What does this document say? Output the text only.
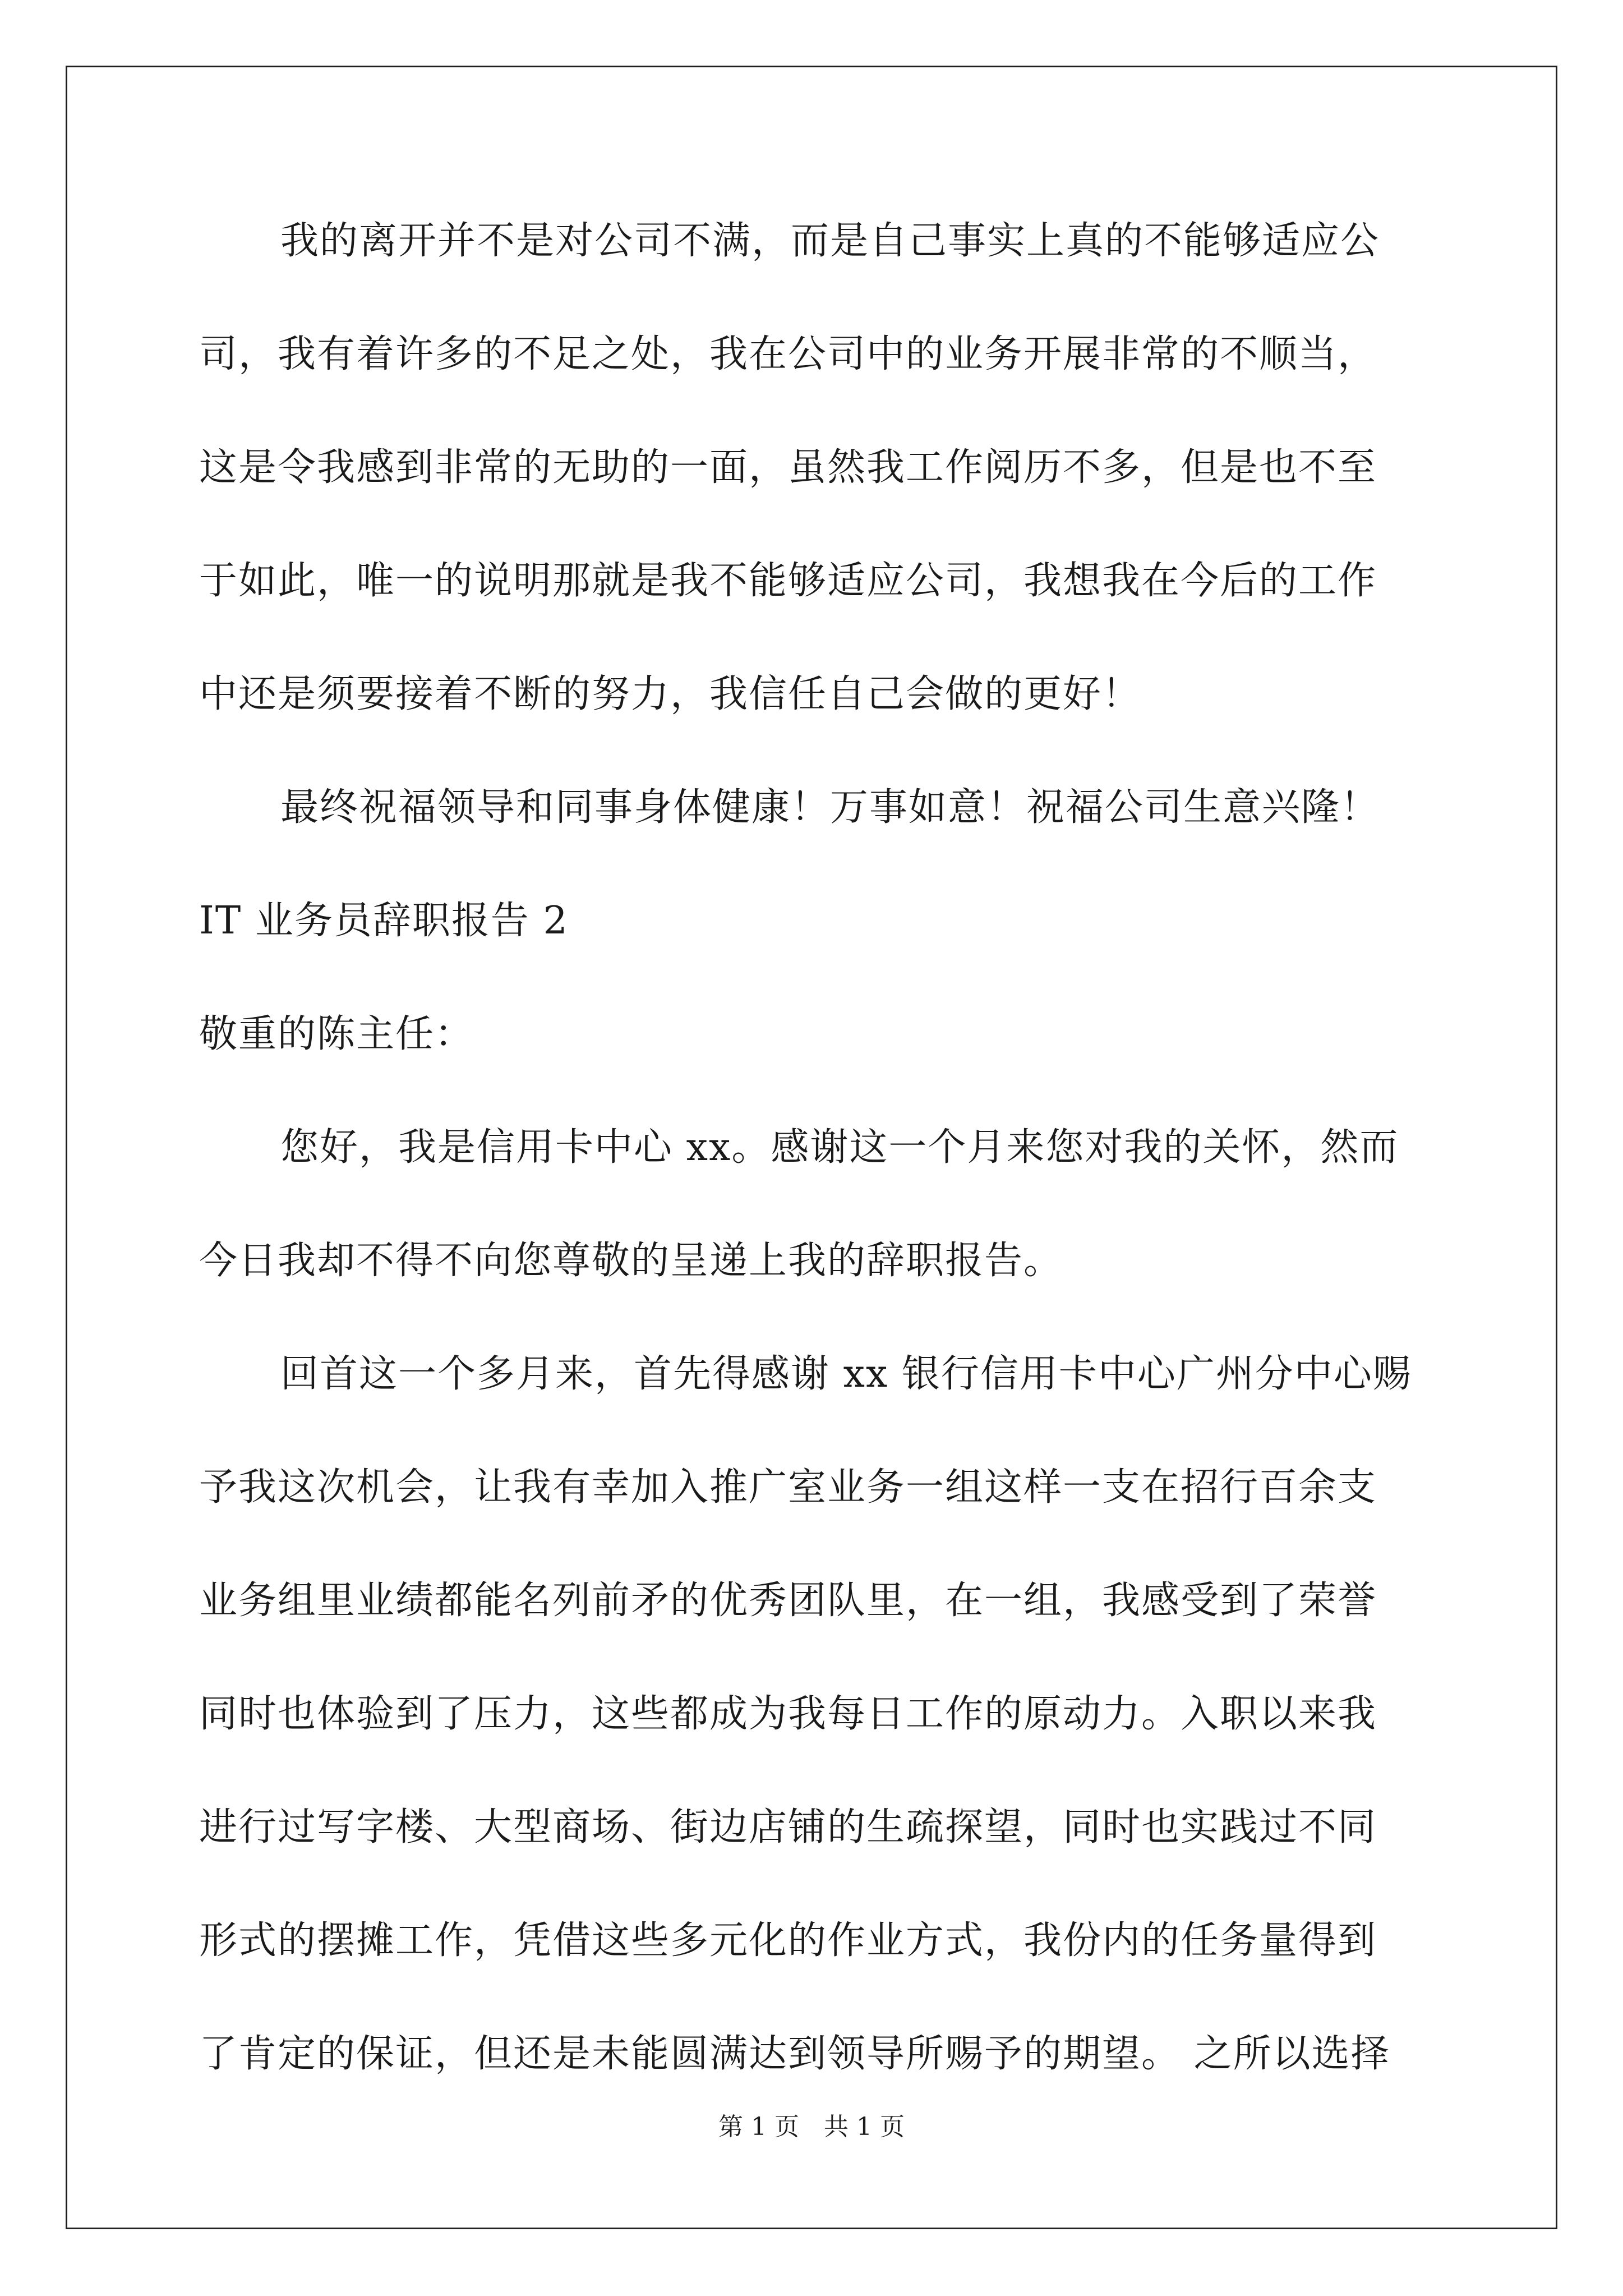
我的离开并不是对公司不满，而是自己事实上真的不能够适应公
司，我有着许多的不足之处，我在公司中的业务开展非常的不顺当，
这是令我感到非常的无助的一面，虽然我工作阅历不多，但是也不至
于如此，唯一的说明那就是我不能够适应公司，我想我在今后的工作
中还是须要接着不断的努力，我信任自己会做的更好！
最终祝福领导和同事身体健康！万事如意！祝福公司生意兴隆！
IT 业务员辞职报告 2
敬重的陈主任：
您好，我是信用卡中心 xx。感谢这一个月来您对我的关怀，然而
今日我却不得不向您尊敬的呈递上我的辞职报告。
回首这一个多月来，首先得感谢 xx 银行信用卡中心广州分中心赐
予我这次机会，让我有幸加入推广室业务一组这样一支在招行百余支
业务组里业绩都能名列前矛的优秀团队里，在一组，我感受到了荣誉
同时也体验到了压力，这些都成为我每日工作的原动力。入职以来我
进行过写字楼、大型商场、街边店铺的生疏探望，同时也实践过不同
形式的摆摊工作，凭借这些多元化的作业方式，我份内的任务量得到
了肯定的保证，但还是未能圆满达到领导所赐予的期望。 之所以选择
第 1 页　共 1 页
